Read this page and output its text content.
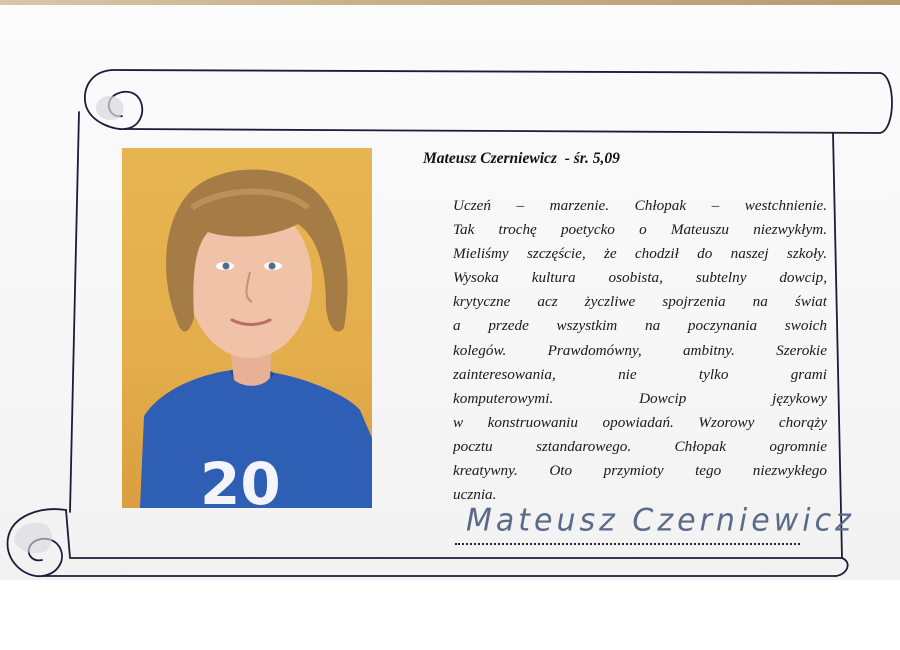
20
Mateusz Czerniewicz - śr. 5,09
Uczeń – marzenie. Chłopak – westchnienie.
Tak trochę poetycko o Mateuszu niezwykłym.
Mieliśmy szczęście, że chodził do naszej szkoły.
Wysoka kultura osobista, subtelny dowcip,
krytyczne acz życzliwe spojrzenia na świat
a przede wszystkim na poczynania swoich
kolegów. Prawdomówny, ambitny. Szerokie
zainteresowania, nie tylko grami
komputerowymi. Dowcip językowy
w konstruowaniu opowiadań. Wzorowy chorąży
pocztu sztandarowego. Chłopak ogromnie
kreatywny. Oto przymioty tego niezwykłego
ucznia.
Mateusz Czerniewicz
